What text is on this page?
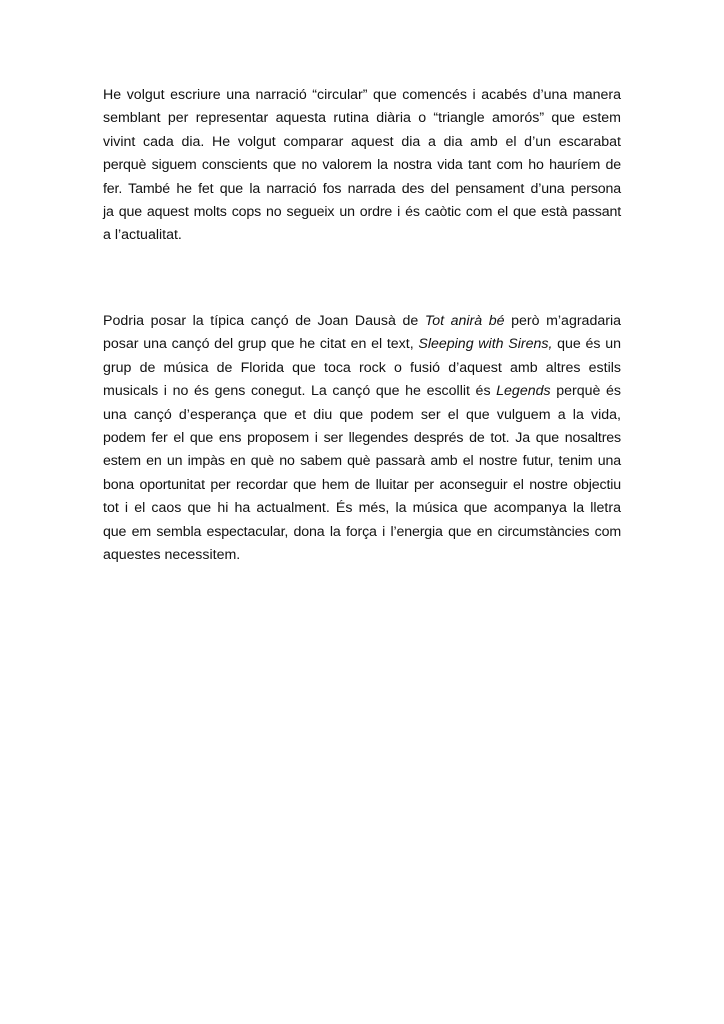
He volgut escriure una narració “circular” que comencés i acabés d’una manera
semblant per representar aquesta rutina diària o “triangle amorós” que estem
vivint cada dia. He volgut comparar aquest dia a dia amb el d’un escarabat
perquè siguem conscients que no valorem la nostra vida tant com ho hauríem de
fer. També he fet que la narració fos narrada des del pensament d’una persona
ja que aquest molts cops no segueix un ordre i és caòtic com el que està passant
a l’actualitat.

Podria posar la típica cançó de Joan Dausà de Tot anirà bé però m’agradaria
posar una cançó del grup que he citat en el text, Sleeping with Sirens, que és un
grup de música de Florida que toca rock o fusió d’aquest amb altres estils
musicals i no és gens conegut. La cançó que he escollit és Legends perquè és
una cançó d’esperança que et diu que podem ser el que vulguem a la vida,
podem fer el que ens proposem i ser llegendes després de tot. Ja que nosaltres
estem en un impàs en què no sabem què passarà amb el nostre futur, tenim una
bona oportunitat per recordar que hem de lluitar per aconseguir el nostre objectiu
tot i el caos que hi ha actualment. És més, la música que acompanya la lletra
que em sembla espectacular, dona la força i l’energia que en circumstàncies com
aquestes necessitem.
